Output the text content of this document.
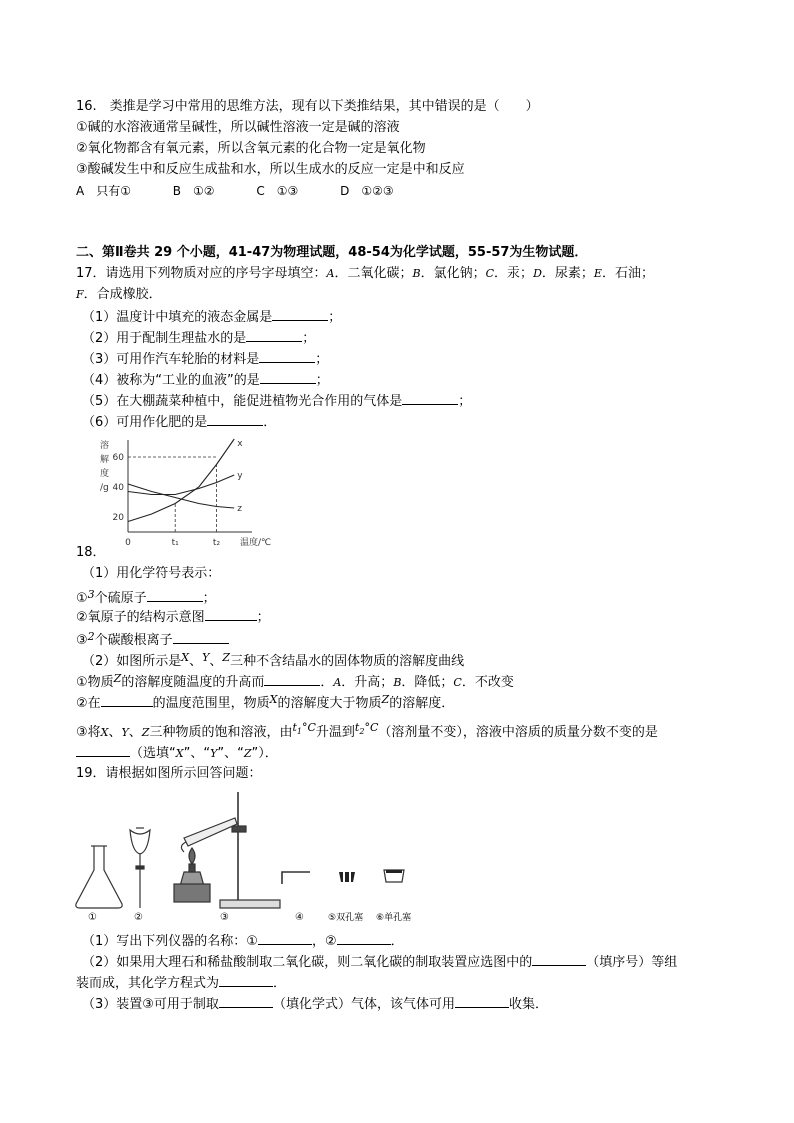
16.　类推是学习中常用的思维方法，现有以下类推结果，其中错误的是（　　）
①碱的水溶液通常呈碱性，所以碱性溶液一定是碱的溶液
②氧化物都含有氧元素，所以含氧元素的化合物一定是氧化物
③酸碱发生中和反应生成盐和水，所以生成水的反应一定是中和反应
A　只有①	B　①②	C　①③	D　①②③
二、第Ⅱ卷共 29 个小题，41-47为物理试题，48-54为化学试题，55-57为生物试题．
17．请选用下列物质对应的序号字母填空：A．二氧化碳；B．氯化钠；C．汞；D．尿素；E．石油；
F．合成橡胶．
（1）温度计中填充的液态金属是	；
（2）用于配制生理盐水的是	；
（3）可用作汽车轮胎的材料是	；
（4）被称为“工业的血液”的是	；
（5）在大棚蔬菜种植中，能促进植物光合作用的气体是	；
（6）可用作化肥的是	．
溶
解
度
/g
20
40
60
0	t₁	t₂ 温度/℃
x
y
z
18．
（1）用化学符号表示：
①$^3$个硫原子	；
②氧原子的结构示意图	；
③$^2$个碳酸根离子
（2）如图所示是$^X$、$^Y$、$^Z$三种不含结晶水的固体物质的溶解度曲线
①物质$^Z$的溶解度随温度的升高而	．A．升高；B．降低；C．不改变
②在	的温度范围里，物质$^X$的溶解度大于物质$^Z$的溶解度．
③将X、Y、Z三种物质的饱和溶液，由$^{t_1^\circ C}$升温到$^{t_2^\circ C}$（溶剂量不变），溶液中溶质的质量分数不变的是
（选填“X”、“Y”、“Z”）．
19．请根据如图所示回答问题：
①	②	③	④	⑤双孔塞 ⑥单孔塞
（1）写出下列仪器的名称：①	，②	．
（2）如果用大理石和稀盐酸制取二氧化碳，则二氧化碳的制取装置应选图中的	（填序号）等组
装而成，其化学方程式为	．
（3）装置③可用于制取	（填化学式）气体，该气体可用	收集．
